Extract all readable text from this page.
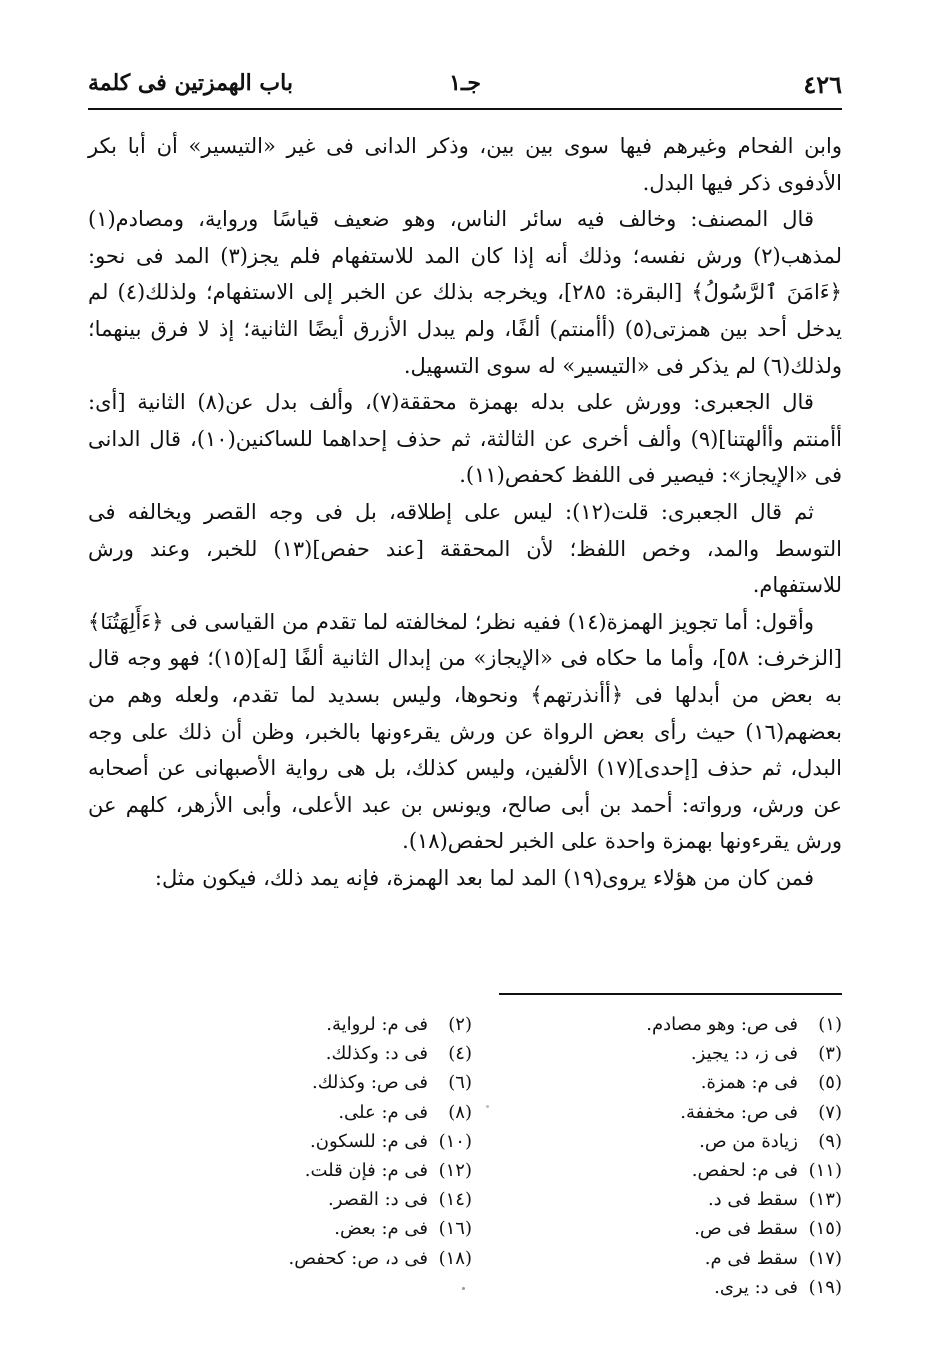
٤٢٦
جـ١
باب الهمزتين فى كلمة

وابن الفحام وغيرهم فيها سوى بين بين، وذكر الدانى فى غير «التيسير» أن أبا بكر الأدفوى ذكر فيها البدل.

قال المصنف: وخالف فيه سائر الناس، وهو ضعيف قياسًا ورواية، ومصادم(١) لمذهب(٢) ورش نفسه؛ وذلك أنه إذا كان المد للاستفهام فلم يجز(٣) المد فى نحو: ﴿ءَامَنَ ٱلرَّسُولُ﴾ [البقرة: ٢٨٥]، ويخرجه بذلك عن الخبر إلى الاستفهام؛ ولذلك(٤) لم يدخل أحد بين همزتى(٥) (أأمنتم) ألفًا، ولم يبدل الأزرق أيضًا الثانية؛ إذ لا فرق بينهما؛ ولذلك(٦) لم يذكر فى «التيسير» له سوى التسهيل.

قال الجعبرى: وورش على بدله بهمزة محققة(٧)، وألف بدل عن(٨) الثانية [أى: أأمنتم وأألهتنا](٩) وألف أخرى عن الثالثة، ثم حذف إحداهما للساكنين(١٠)، قال الدانى فى «الإيجاز»: فيصير فى اللفظ كحفص(١١).

ثم قال الجعبرى: قلت(١٢): ليس على إطلاقه، بل فى وجه القصر ويخالفه فى التوسط والمد، وخص اللفظ؛ لأن المحققة [عند حفص](١٣) للخبر، وعند ورش للاستفهام.

وأقول: أما تجويز الهمزة(١٤) ففيه نظر؛ لمخالفته لما تقدم من القياسى فى ﴿ءَأَلِهَتُنَا﴾ [الزخرف: ٥٨]، وأما ما حكاه فى «الإيجاز» من إبدال الثانية ألفًا [له](١٥)؛ فهو وجه قال به بعض من أبدلها فى ﴿أأنذرتهم﴾ ونحوها، وليس بسديد لما تقدم، ولعله وهم من بعضهم(١٦) حيث رأى بعض الرواة عن ورش يقرءونها بالخبر، وظن أن ذلك على وجه البدل، ثم حذف [إحدى](١٧) الألفين، وليس كذلك، بل هى رواية الأصبهانى عن أصحابه عن ورش، ورواته: أحمد بن أبى صالح، ويونس بن عبد الأعلى، وأبى الأزهر، كلهم عن ورش يقرءونها بهمزة واحدة على الخبر لحفص(١٨).

فمن كان من هؤلاء يروى(١٩) المد لما بعد الهمزة، فإنه يمد ذلك، فيكون مثل:

(١)فى ص: وهو مصادم.
(٣)فى ز، د: يجيز.
(٥)فى م: همزة.
(٧)فى ص: مخففة.
(٩)زيادة من ص.
(١١)فى م: لحفص.
(١٣)سقط فى د.
(١٥)سقط فى ص.
(١٧)سقط فى م.
(١٩)فى د: يرى.
(٢)فى م: لرواية.
(٤)فى د: وكذلك.
(٦)فى ص: وكذلك.
(٨)فى م: على.
(١٠)فى م: للسكون.
(١٢)فى م: فإن قلت.
(١٤)فى د: القصر.
(١٦)فى م: بعض.
(١٨)فى د، ص: كحفص.
